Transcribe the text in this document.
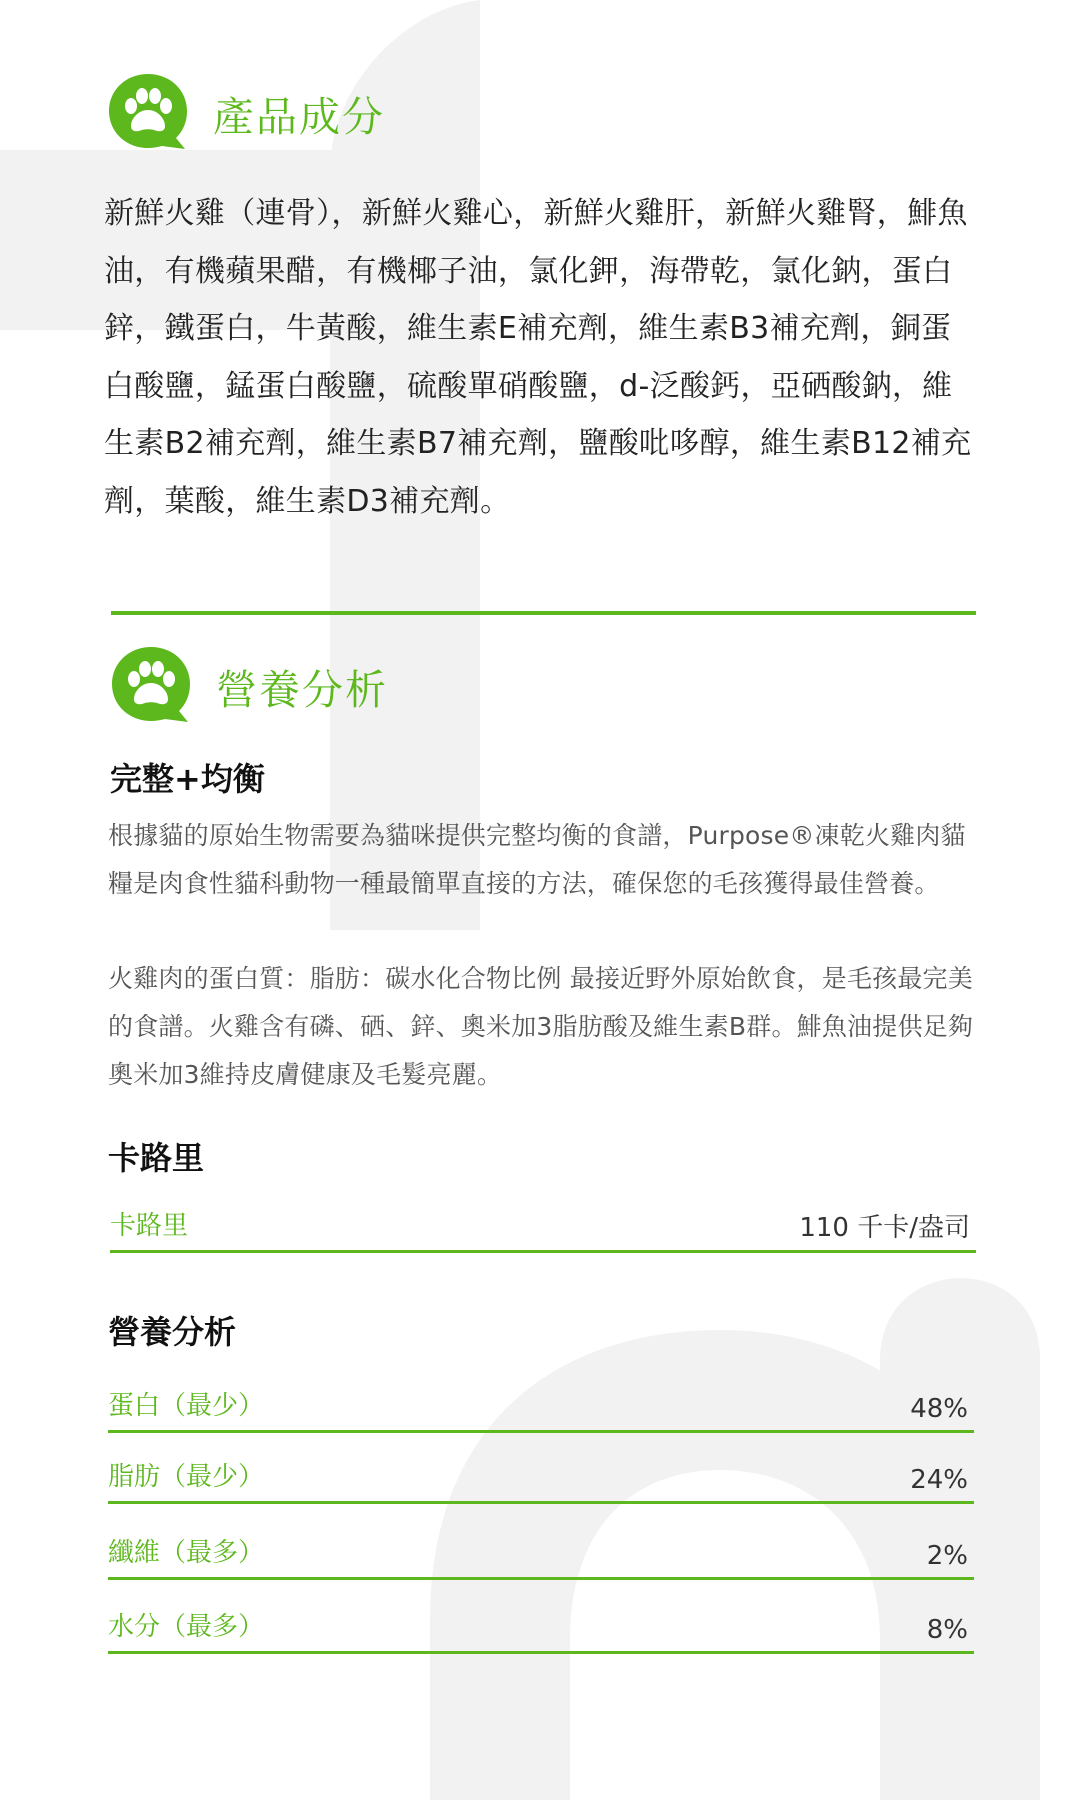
產品成分

新鮮火雞（連骨），新鮮火雞心，新鮮火雞肝，新鮮火雞腎，鯡魚油，有機蘋果醋，有機椰子油，氯化鉀，海帶乾，氯化鈉，蛋白鋅，鐵蛋白，牛黃酸，維生素E補充劑，維生素B3補充劑，銅蛋白酸鹽，錳蛋白酸鹽，硫酸單硝酸鹽，d-泛酸鈣，亞硒酸鈉，維生素B2補充劑，維生素B7補充劑，鹽酸吡哆醇，維生素B12補充劑，葉酸，維生素D3補充劑。

營養分析
完整+均衡

根據貓的原始生物需要為貓咪提供完整均衡的食譜，Purpose®凍乾火雞肉貓糧是肉食性貓科動物一種最簡單直接的方法，確保您的毛孩獲得最佳營養。

火雞肉的蛋白質：脂肪：碳水化合物比例 最接近野外原始飲食，是毛孩最完美的食譜。火雞含有磷、硒、鋅、奧米加3脂肪酸及維生素B群。鯡魚油提供足夠奧米加3維持皮膚健康及毛髮亮麗。

卡路里
卡路里	110 千卡/盎司
營養分析
蛋白（最少）	48%
脂肪（最少）	24%
纖維（最多）	2%
水分（最多）	8%
